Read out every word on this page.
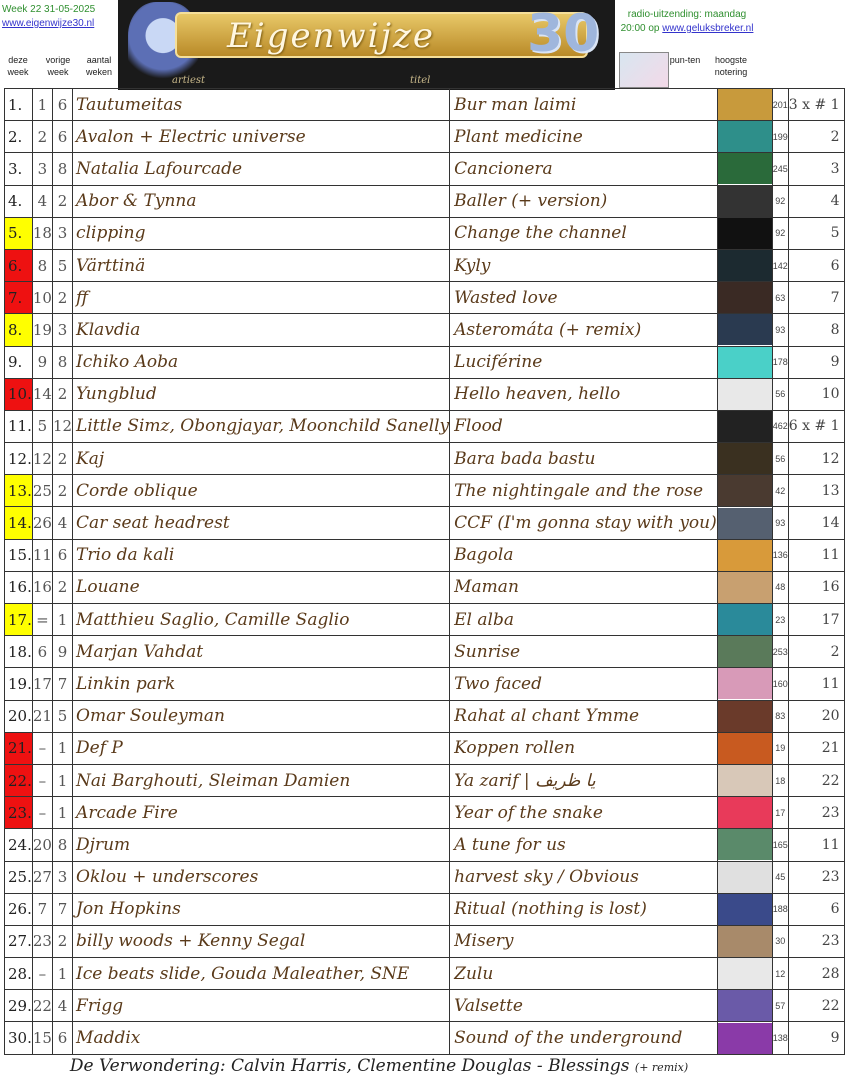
Week 22 31-05-2025
www.eigenwijze30.nl
deze week
vorige week
aantal weken
Eigenwijze 30
artiest	titel
radio-uitzending: maandag
20:00 op www.geluksbreker.nl
pun-ten	hoogste notering
1.	1	6	Tautumeitas	Bur man laimi		201	3 x # 1
2.	2	6	Avalon + Electric universe	Plant medicine		199	2
3.	3	8	Natalia Lafourcade	Cancionera		245	3
4.	4	2	Abor & Tynna	Baller (+ version)		92	4
5.	18	3	clipping	Change the channel		92	5
6.	8	5	Värttinä	Kyly		142	6
7.	10	2	ff	Wasted love		63	7
8.	19	3	Klavdia	Asteromáta (+ remix)		93	8
9.	9	8	Ichiko Aoba	Luciférine		178	9
10.	14	2	Yungblud	Hello heaven, hello		56	10
11.	5	12	Little Simz, Obongjayar, Moonchild Sanelly	Flood		462	6 x # 1
12.	12	2	Kaj	Bara bada bastu		56	12
13.	25	2	Corde oblique	The nightingale and the rose		42	13
14.	26	4	Car seat headrest	CCF (I'm gonna stay with you)		93	14
15.	11	6	Trio da kali	Bagola		136	11
16.	16	2	Louane	Maman		48	16
17.	=	1	Matthieu Saglio, Camille Saglio	El alba		23	17
18.	6	9	Marjan Vahdat	Sunrise		253	2
19.	17	7	Linkin park	Two faced		160	11
20.	21	5	Omar Souleyman	Rahat al chant Ymme		83	20
21.	–	1	Def P	Koppen rollen		19	21
22.	–	1	Nai Barghouti, Sleiman Damien	Ya zarif | يا ظريف		18	22
23.	–	1	Arcade Fire	Year of the snake		17	23
24.	20	8	Djrum	A tune for us		165	11
25.	27	3	Oklou + underscores	harvest sky / Obvious		45	23
26.	7	7	Jon Hopkins	Ritual (nothing is lost)		188	6
27.	23	2	billy woods + Kenny Segal	Misery		30	23
28.	–	1	Ice beats slide, Gouda Maleather, SNE	Zulu		12	28
29.	22	4	Frigg	Valsette		57	22
30.	15	6	Maddix	Sound of the underground		138	9
De Verwondering: Calvin Harris, Clementine Douglas - Blessings (+ remix)
